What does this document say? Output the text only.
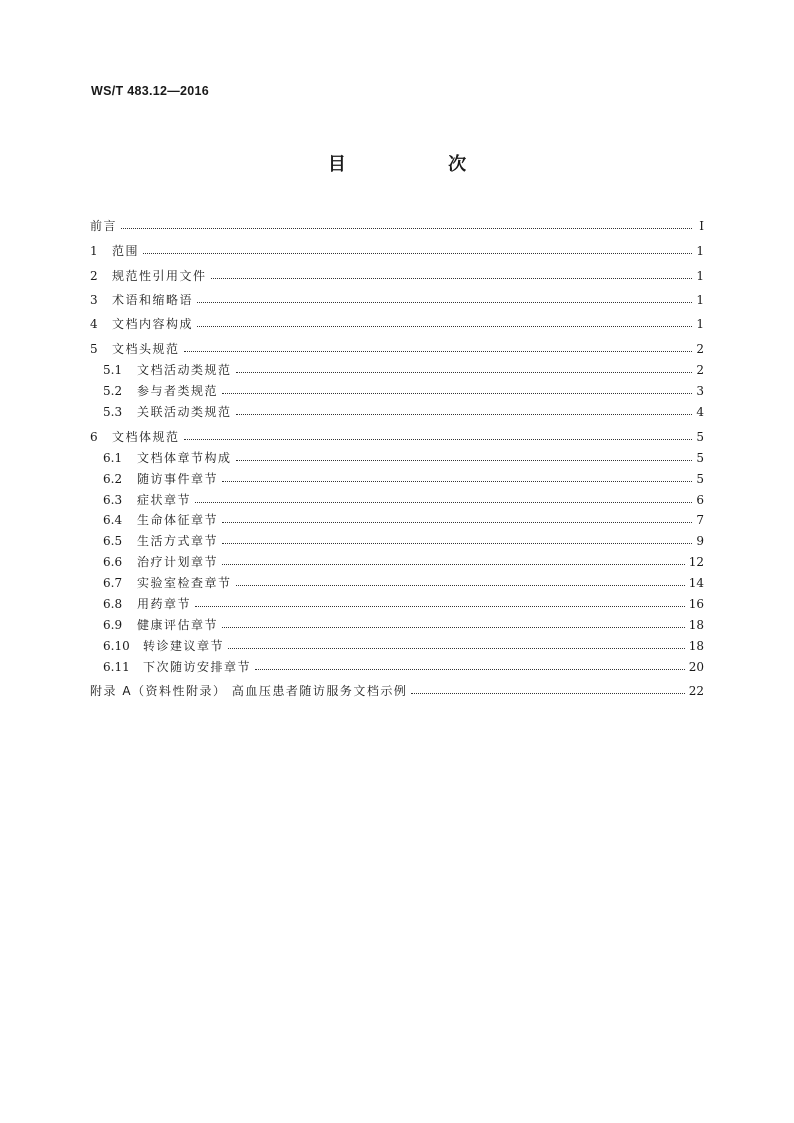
WS/T 483.12—2016
目 次
前言	Ⅰ
1	范围	1
2	规范性引用文件	1
3	术语和缩略语	1
4	文档内容构成	1
5	文档头规范	2
5.1	文档活动类规范	2
5.2	参与者类规范	3
5.3	关联活动类规范	4
6	文档体规范	5
6.1	文档体章节构成	5
6.2	随访事件章节	5
6.3	症状章节	6
6.4	生命体征章节	7
6.5	生活方式章节	9
6.6	治疗计划章节	12
6.7	实验室检查章节	14
6.8	用药章节	16
6.9	健康评估章节	18
6.10	转诊建议章节	18
6.11	下次随访安排章节	20
附录 A（资料性附录） 高血压患者随访服务文档示例	22
